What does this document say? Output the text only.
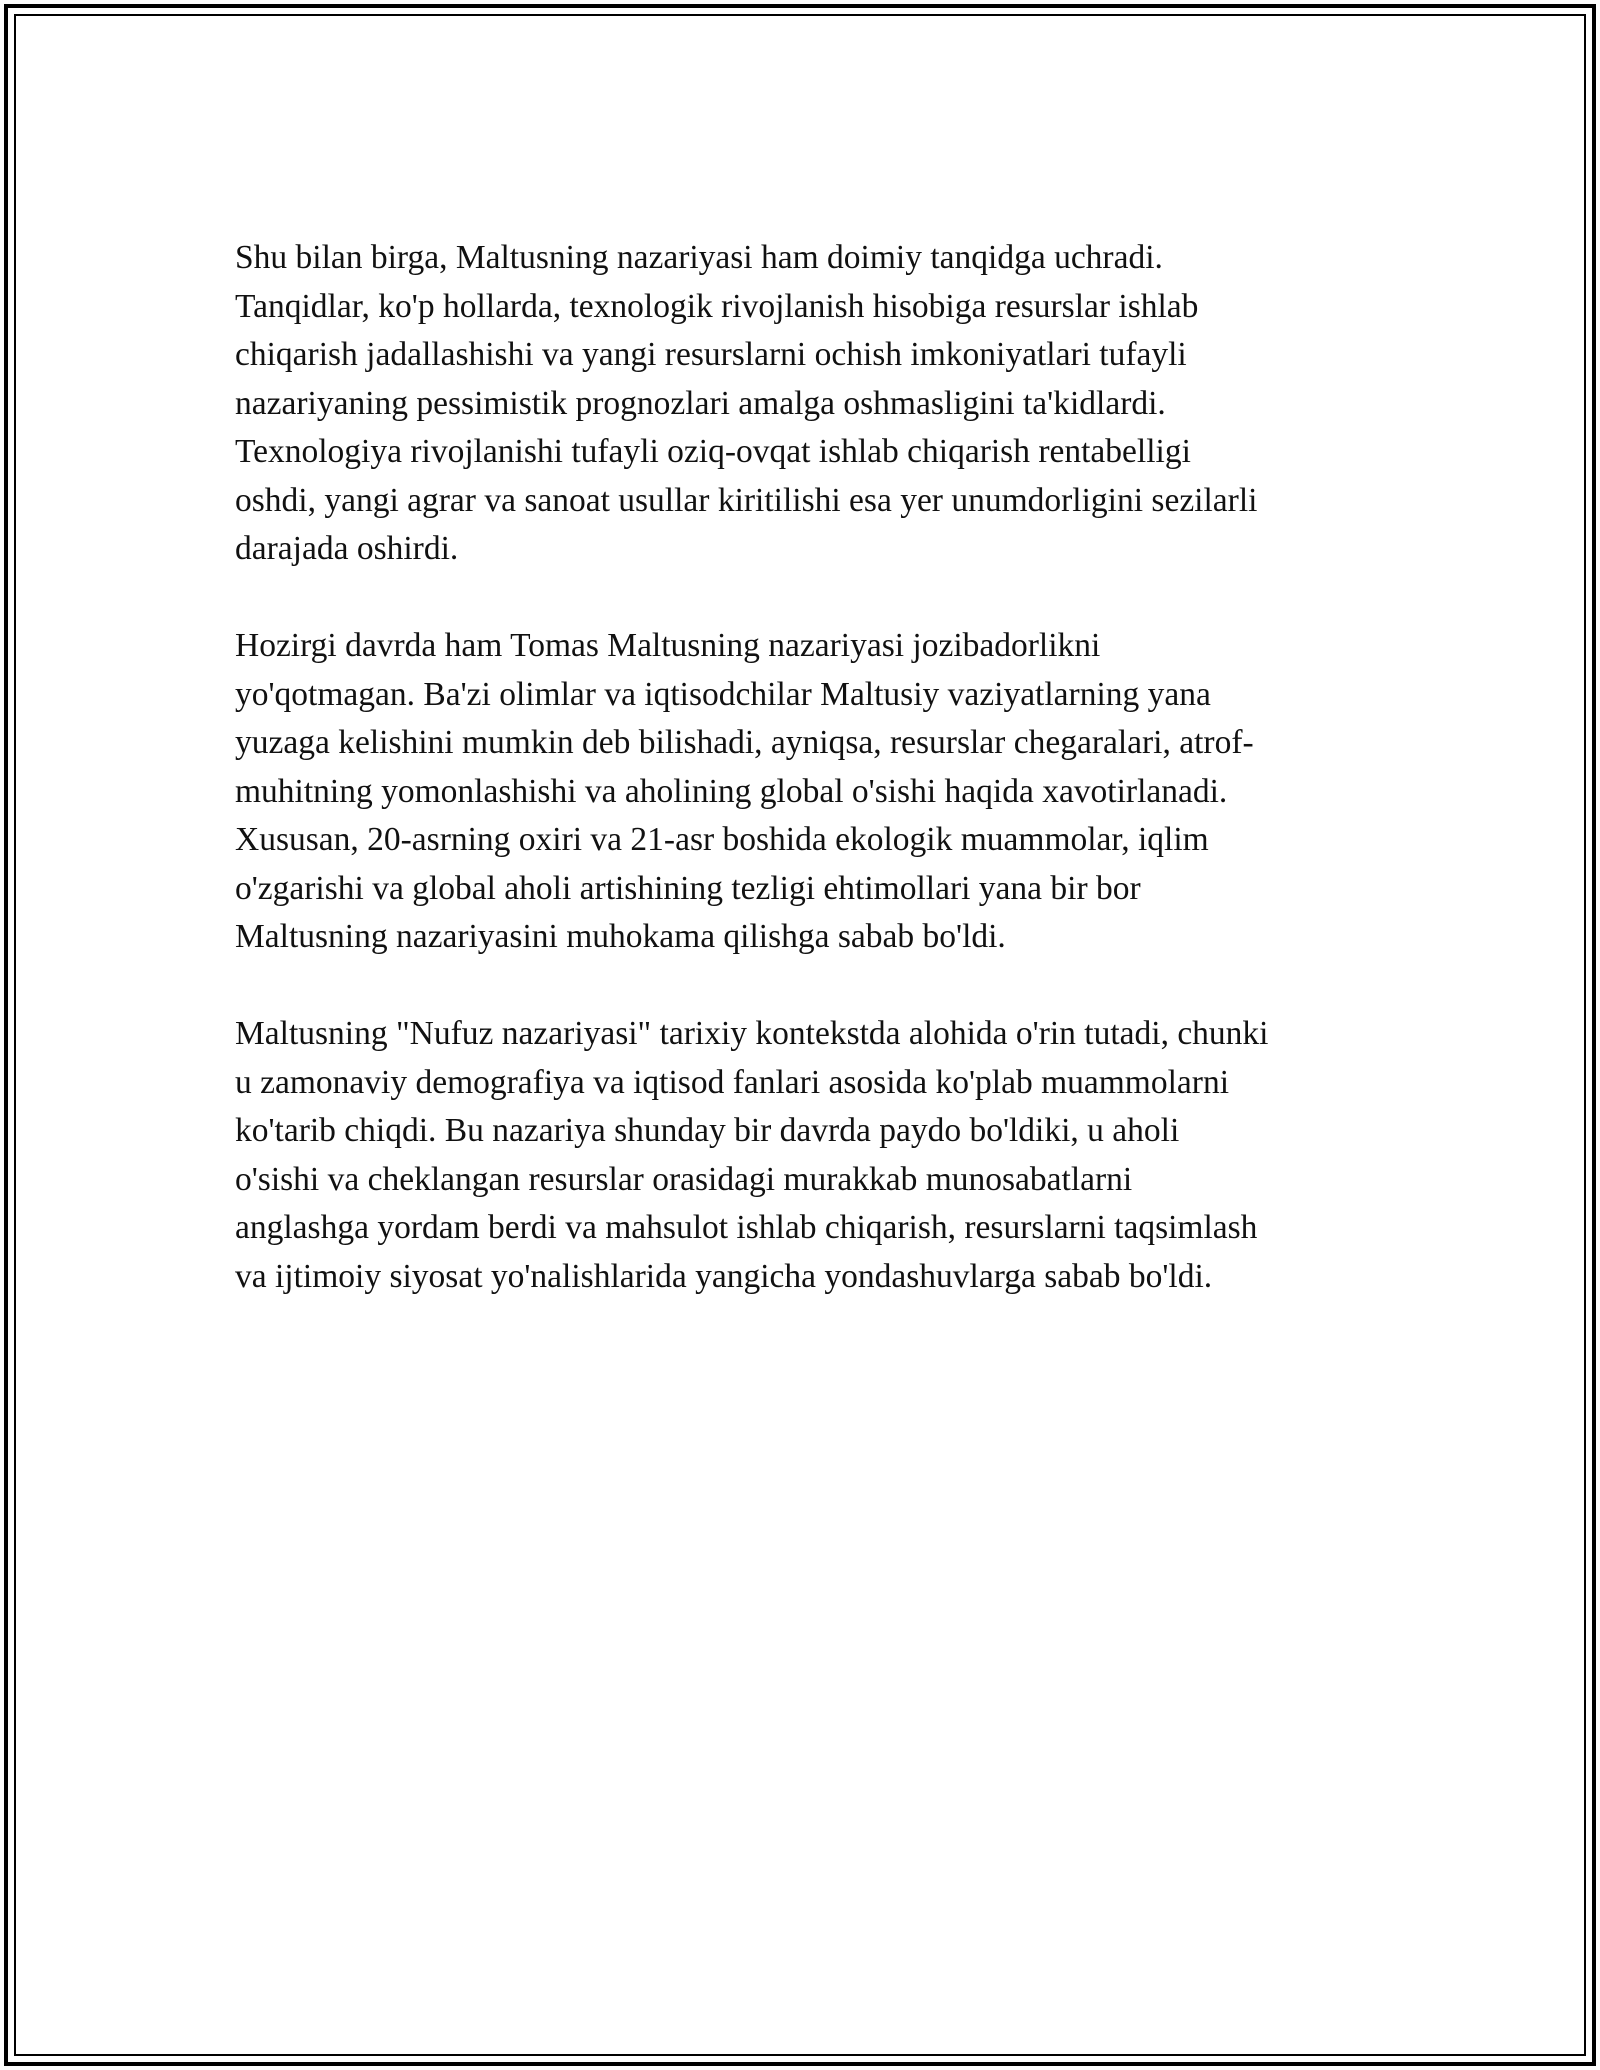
Shu bilan birga, Maltusning nazariyasi ham doimiy tanqidga uchradi.
Tanqidlar, ko'p hollarda, texnologik rivojlanish hisobiga resurslar ishlab
chiqarish jadallashishi va yangi resurslarni ochish imkoniyatlari tufayli
nazariyaning pessimistik prognozlari amalga oshmasligini ta'kidlardi.
Texnologiya rivojlanishi tufayli oziq-ovqat ishlab chiqarish rentabelligi
oshdi, yangi agrar va sanoat usullar kiritilishi esa yer unumdorligini sezilarli
darajada oshirdi.

Hozirgi davrda ham Tomas Maltusning nazariyasi jozibadorlikni
yo'qotmagan. Ba'zi olimlar va iqtisodchilar Maltusiy vaziyatlarning yana
yuzaga kelishini mumkin deb bilishadi, ayniqsa, resurslar chegaralari, atrof-
muhitning yomonlashishi va aholining global o'sishi haqida xavotirlanadi.
Xususan, 20-asrning oxiri va 21-asr boshida ekologik muammolar, iqlim
o'zgarishi va global aholi artishining tezligi ehtimollari yana bir bor
Maltusning nazariyasini muhokama qilishga sabab bo'ldi.

Maltusning "Nufuz nazariyasi" tarixiy kontekstda alohida o'rin tutadi, chunki
u zamonaviy demografiya va iqtisod fanlari asosida ko'plab muammolarni
ko'tarib chiqdi. Bu nazariya shunday bir davrda paydo bo'ldiki, u aholi
o'sishi va cheklangan resurslar orasidagi murakkab munosabatlarni
anglashga yordam berdi va mahsulot ishlab chiqarish, resurslarni taqsimlash
va ijtimoiy siyosat yo'nalishlarida yangicha yondashuvlarga sabab bo'ldi.
